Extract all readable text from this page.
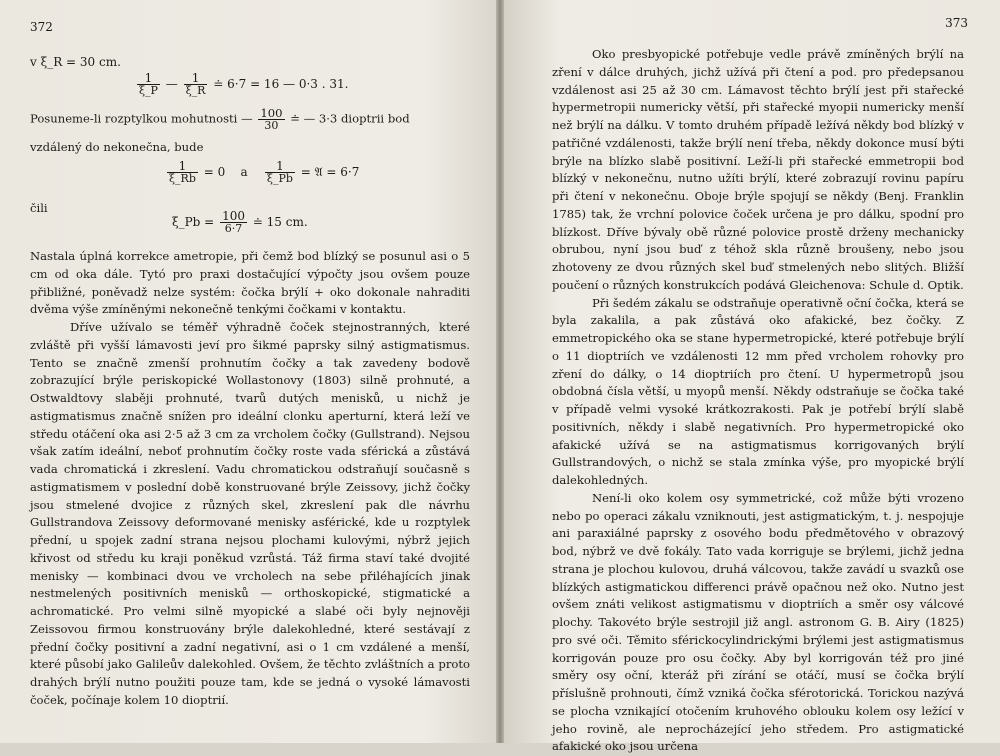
372
v ξ_R = 30 cm.
$\frac{1}{\xi\_P}$ — $\frac{1}{\xi\_R}$ ≐ 6·7 = 16 — 0·3 . 31.
Posuneme-li rozptylkou mohutnosti — $\frac{100}{30}$ ≐ — 3·3 dioptrii bod
vzdálený do nekonečna, bude
$\frac{1}{\xi\_Rb} = 0$ a $\frac{1}{\xi\_Pb}$ = 𝔄 = 6·7
čili
ξ_Pb = $\frac{100}{6\cdot 7}$ ≐ 15 cm.

Nastala úplná korrekce ametropie, při čemž bod blízký se posunul asi o 5 cm od oka dále. Tytó pro praxi dostačující výpočty jsou ovšem pouze přibližné, poněvadž nelze systém: čočka brýlí + oko dokonale nahraditi dvěma výše zmíněnými nekonečně tenkými čočkami v kontaktu.

Dříve užívalo se téměř výhradně čoček stejnostranných, které zvláště při vyšší lámavosti jeví pro šikmé paprsky silný astigmatismus. Tento se značně zmenší prohnutím čočky a tak zavedeny bodově zobrazující brýle periskopické Wollastonovy (1803) silně prohnuté, a Ostwaldtovy slaběji prohnuté, tvarů dutých menisků, u nichž je astigmatismus značně snížen pro ideální clonku aperturní, která leží ve středu otáčení oka asi 2·5 až 3 cm za vrcholem čočky (Gullstrand). Nejsou však zatím ideální, neboť prohnutím čočky roste vada sférická a zůstává vada chromatická i zkreslení. Vadu chromatickou odstraňují současně s astigmatismem v poslední době konstruované brýle Zeissovy, jichž čočky jsou stmelené dvojice z různých skel, zkreslení pak dle návrhu Gullstrandova Zeissovy deformované menisky asférické, kde u rozptylek přední, u spojek zadní strana nejsou plochami kulovými, nýbrž jejich křivost od středu ku kraji poněkud vzrůstá. Táž firma staví také dvojité menisky — kombinaci dvou ve vrcholech na sebe přiléhajících jinak nestmelených positivních menisků — orthoskopické, stigmatické a achromatické. Pro velmi silně myopické a slabé oči byly nejnověji Zeissovou firmou konstruovány brýle dalekohledné, které sestávají z přední čočky positivní a zadní negativní, asi o 1 cm vzdálené a menší, které působí jako Galileův dalekohled. Ovšem, že těchto zvláštních a proto drahých brýlí nutno použiti pouze tam, kde se jedná o vysoké lámavosti čoček, počínaje kolem 10 dioptrií.

373

Oko presbyopické potřebuje vedle právě zmíněných brýlí na zření v dálce druhých, jichž užívá při čtení a pod. pro předepsanou vzdálenost asi 25 až 30 cm. Lámavost těchto brýlí jest při stařecké hypermetropii numericky větší, při stařecké myopii numericky menší než brýlí na dálku. V tomto druhém případě ležívá někdy bod blízký v patřičné vzdálenosti, takže brýlí není třeba, někdy dokonce musí býti brýle na blízko slabě positivní. Leží-li při stařecké emmetropii bod blízký v nekonečnu, nutno užíti brýlí, které zobrazují rovinu papíru při čtení v nekonečnu. Oboje brýle spojují se někdy (Benj. Franklin 1785) tak, že vrchní polovice čoček určena je pro dálku, spodní pro blízkost. Dříve bývaly obě různé polovice prostě drženy mechanicky obrubou, nyní jsou buď z téhož skla různě broušeny, nebo jsou zhotoveny ze dvou různých skel buď stmelených nebo slitých. Bližší poučení o různých konstrukcích podává Gleichenova: Schule d. Optik.

Při šedém zákalu se odstraňuje operativně oční čočka, která se byla zakalila, a pak zůstává oko afakické, bez čočky. Z emmetropického oka se stane hypermetropické, které potřebuje brýlí o 11 dioptriích ve vzdálenosti 12 mm před vrcholem rohovky pro zření do dálky, o 14 dioptriích pro čtení. U hypermetropů jsou obdobná čísla větší, u myopů menší. Někdy odstraňuje se čočka také v případě velmi vysoké krátkozrakosti. Pak je potřebí brýlí slabě positivních, někdy i slabě negativních. Pro hypermetropické oko afakické užívá se na astigmatismus korrigovaných brýlí Gullstrandových, o nichž se stala zmínka výše, pro myopické brýlí dalekohledných.

Není-li oko kolem osy symmetrické, což může býti vrozeno nebo po operaci zákalu vzniknouti, jest astigmatickým, t. j. nespojuje ani paraxiálné paprsky z osového bodu předmětového v obrazový bod, nýbrž ve dvě fokály. Tato vada korriguje se brýlemi, jichž jedna strana je plochou kulovou, druhá válcovou, takže zavádí u svazků ose blízkých astigmatickou differenci právě opačnou než oko. Nutno jest ovšem znáti velikost astigmatismu v dioptriích a směr osy válcové plochy. Takovéto brýle sestrojil již angl. astronom G. B. Airy (1825) pro své oči. Těmito sférickocylindrickými brýlemi jest astigmatismus korrigován pouze pro osu čočky. Aby byl korrigován též pro jiné směry osy oční, kteráž při zírání se otáčí, musí se čočka brýlí příslušně prohnouti, čímž vzniká čočka sférotorická. Torickou nazývá se plocha vznikající otočením kruhového oblouku kolem osy ležící v jeho rovině, ale neprocházející jeho středem. Pro astigmatické afakické oko jsou určena
